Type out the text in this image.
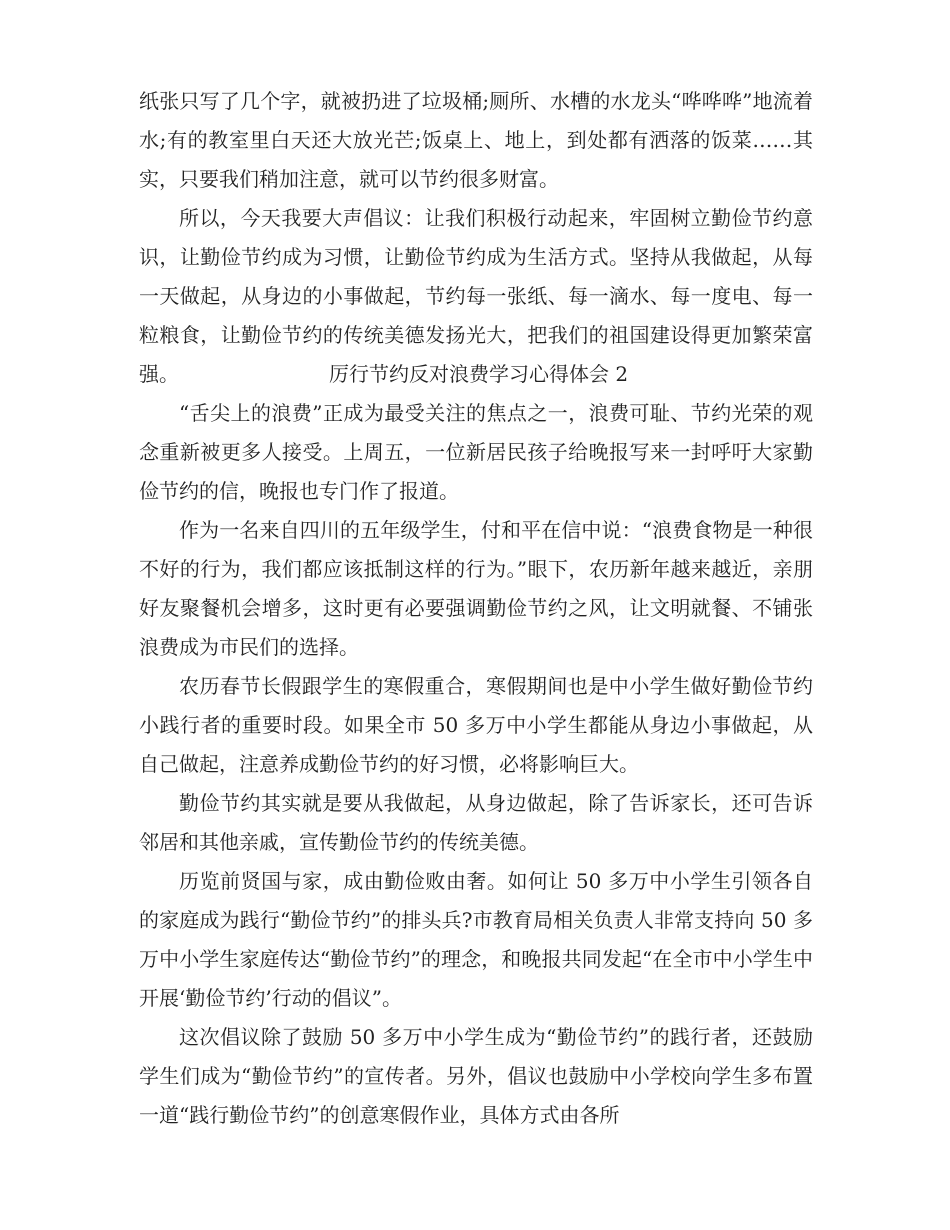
纸张只写了几个字，就被扔进了垃圾桶;厕所、水槽的水龙头“哗哗哗”地流着水;有的教室里白天还大放光芒;饭桌上、地上，到处都有洒落的饭菜……其实，只要我们稍加注意，就可以节约很多财富。

所以，今天我要大声倡议：让我们积极行动起来，牢固树立勤俭节约意识，让勤俭节约成为习惯，让勤俭节约成为生活方式。坚持从我做起，从每一天做起，从身边的小事做起，节约每一张纸、每一滴水、每一度电、每一粒粮食，让勤俭节约的传统美德发扬光大，把我们的祖国建设得更加繁荣富强。	厉行节约反对浪费学习心得体会 2

“舌尖上的浪费”正成为最受关注的焦点之一，浪费可耻、节约光荣的观念重新被更多人接受。上周五，一位新居民孩子给晚报写来一封呼吁大家勤俭节约的信，晚报也专门作了报道。

作为一名来自四川的五年级学生，付和平在信中说：“浪费食物是一种很不好的行为，我们都应该抵制这样的行为。”眼下，农历新年越来越近，亲朋好友聚餐机会增多，这时更有必要强调勤俭节约之风，让文明就餐、不铺张浪费成为市民们的选择。

农历春节长假跟学生的寒假重合，寒假期间也是中小学生做好勤俭节约小践行者的重要时段。如果全市 50 多万中小学生都能从身边小事做起，从自己做起，注意养成勤俭节约的好习惯，必将影响巨大。

勤俭节约其实就是要从我做起，从身边做起，除了告诉家长，还可告诉邻居和其他亲戚，宣传勤俭节约的传统美德。

历览前贤国与家，成由勤俭败由奢。如何让 50 多万中小学生引领各自的家庭成为践行“勤俭节约”的排头兵?市教育局相关负责人非常支持向 50 多万中小学生家庭传达“勤俭节约”的理念，和晚报共同发起“在全市中小学生中开展‘勤俭节约’行动的倡议”。

这次倡议除了鼓励 50 多万中小学生成为“勤俭节约”的践行者，还鼓励学生们成为“勤俭节约”的宣传者。另外，倡议也鼓励中小学校向学生多布置一道“践行勤俭节约”的创意寒假作业，具体方式由各所
